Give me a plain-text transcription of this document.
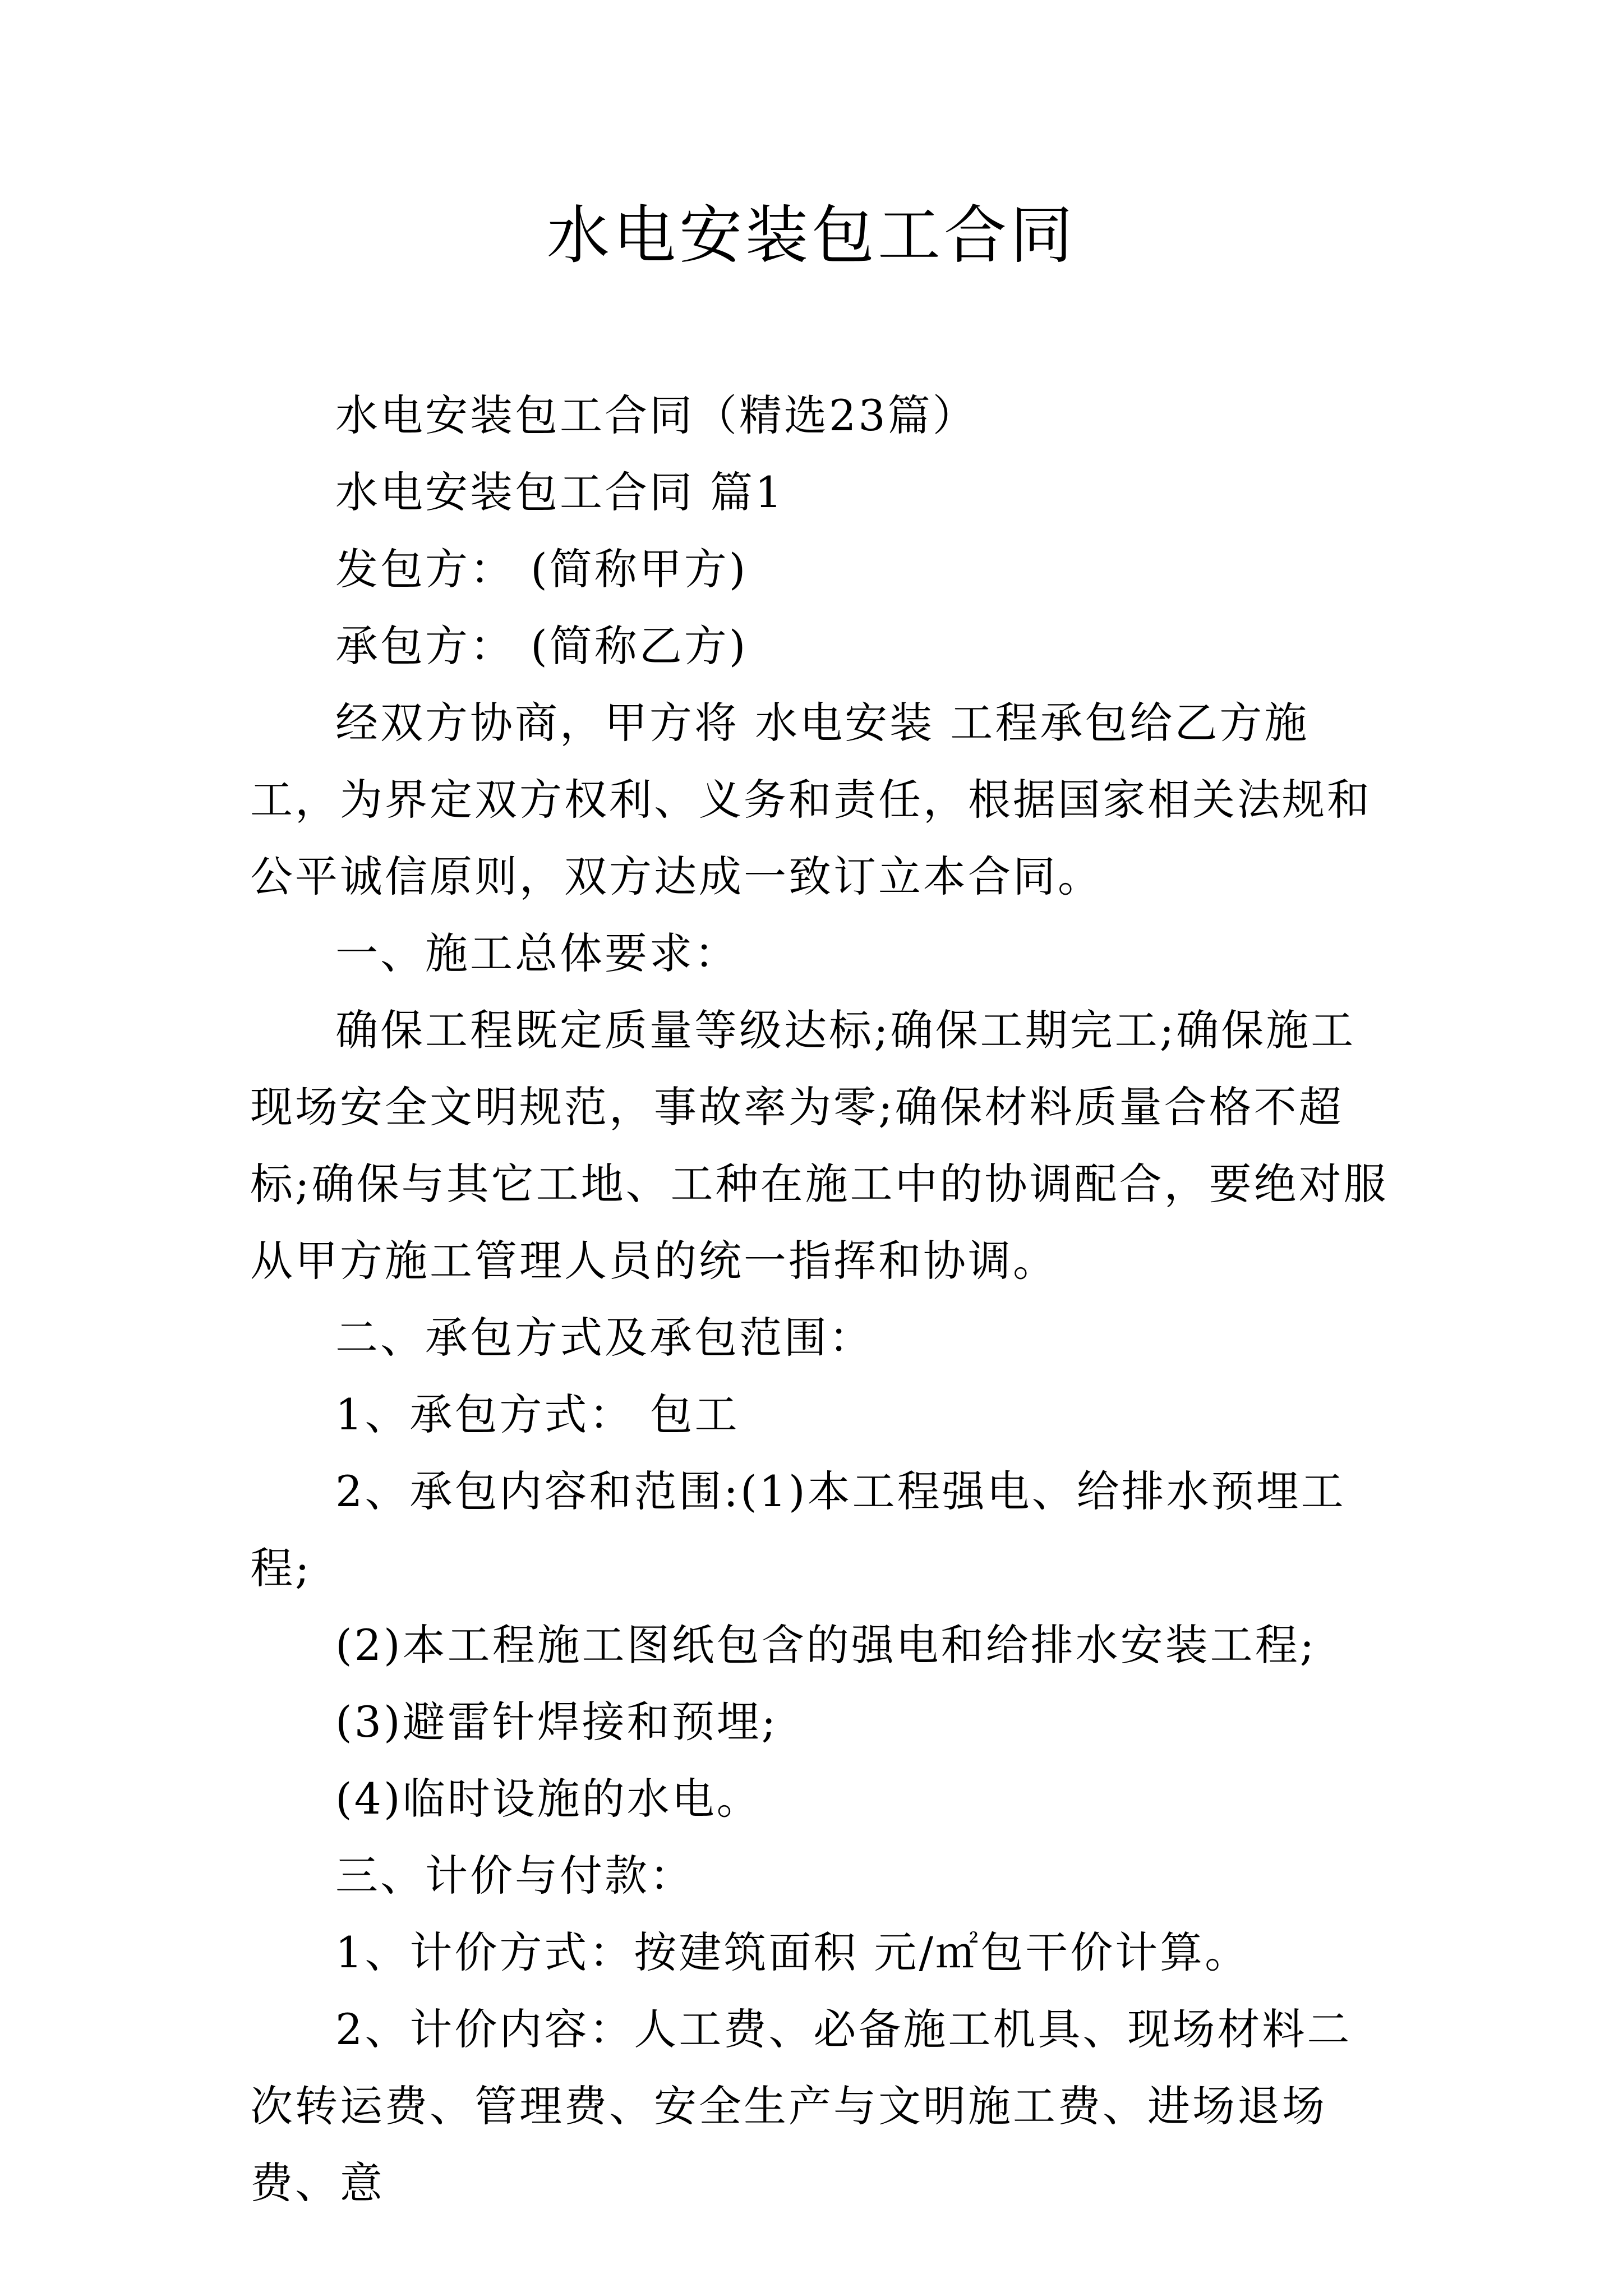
水电安装包工合同

水电安装包工合同（精选23篇）

水电安装包工合同 篇1

发包方： (简称甲方)

承包方： (简称乙方)

经双方协商，甲方将 水电安装 工程承包给乙方施工，为界定双方权利、义务和责任，根据国家相关法规和公平诚信原则，双方达成一致订立本合同。

一、施工总体要求：

确保工程既定质量等级达标;确保工期完工;确保施工现场安全文明规范，事故率为零;确保材料质量合格不超标;确保与其它工地、工种在施工中的协调配合，要绝对服从甲方施工管理人员的统一指挥和协调。

二、承包方式及承包范围：

1、承包方式： 包工

2、承包内容和范围:(1)本工程强电、给排水预埋工程;

(2)本工程施工图纸包含的强电和给排水安装工程;

(3)避雷针焊接和预埋;

(4)临时设施的水电。

三、计价与付款：

1、计价方式：按建筑面积 元/㎡包干价计算。

2、计价内容：人工费、必备施工机具、现场材料二次转运费、管理费、安全生产与文明施工费、进场退场费、意
